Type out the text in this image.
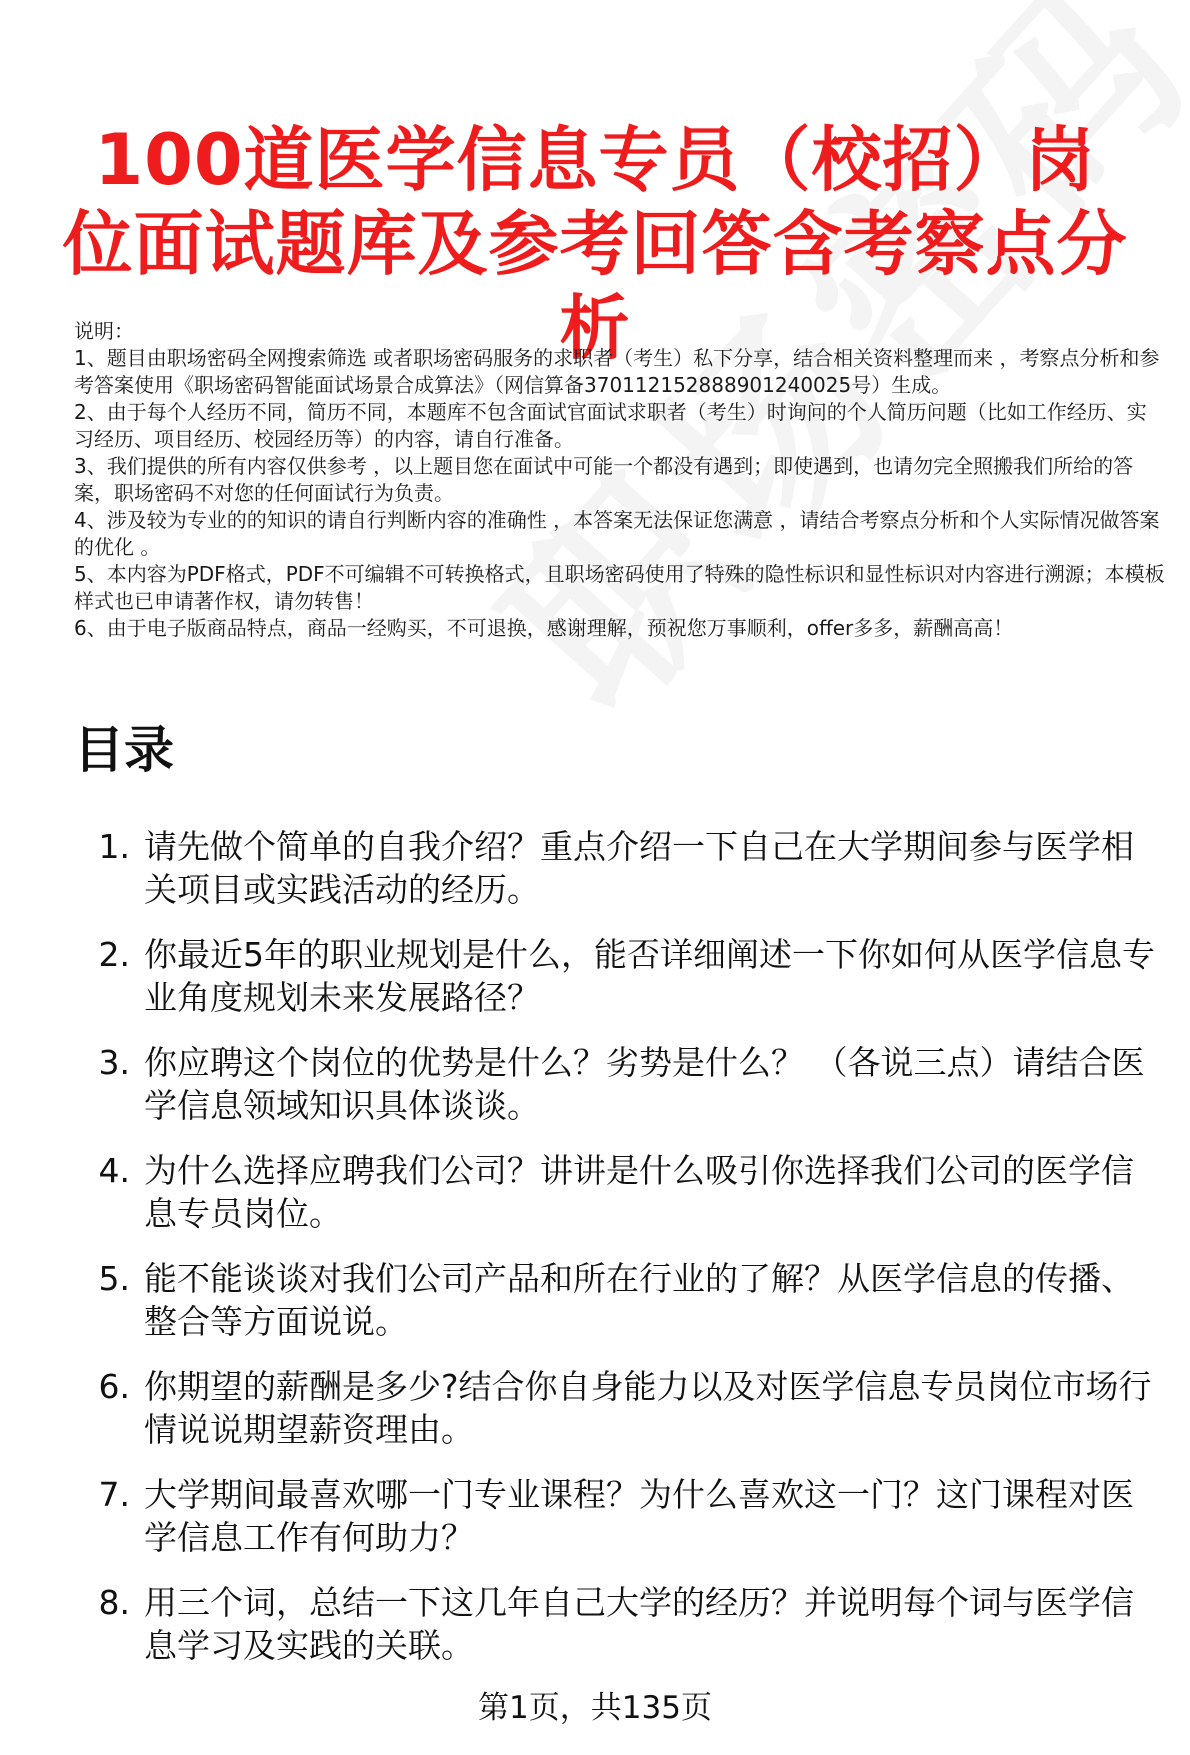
100道医学信息专员（校招）岗位面试题库及参考回答含考察点分析
说明：
1、题目由职场密码全网搜索筛选 或者职场密码服务的求职者（考生）私下分享，结合相关资料整理而来 ，考察点分析和参考答案使用《职场密码智能面试场景合成算法》（网信算备370112152888901240025号）生成。
2、由于每个人经历不同，简历不同，本题库不包含面试官面试求职者（考生）时询问的个人简历问题（比如工作经历、实习经历、项目经历、校园经历等）的内容，请自行准备。
3、我们提供的所有内容仅供参考 ，以上题目您在面试中可能一个都没有遇到；即使遇到，也请勿完全照搬我们所给的答案，职场密码不对您的任何面试行为负责。
4、涉及较为专业的的知识的请自行判断内容的准确性 ，本答案无法保证您满意 ，请结合考察点分析和个人实际情况做答案的优化 。
5、本内容为PDF格式，PDF不可编辑不可转换格式，且职场密码使用了特殊的隐性标识和显性标识对内容进行溯源；本模板样式也已申请著作权，请勿转售！
6、由于电子版商品特点，商品一经购买，不可退换，感谢理解，预祝您万事顺利，offer多多，薪酬高高！
目录
1. 请先做个简单的自我介绍？重点介绍一下自己在大学期间参与医学相关项目或实践活动的经历。
2. 你最近5年的职业规划是什么，能否详细阐述一下你如何从医学信息专业角度规划未来发展路径？
3. 你应聘这个岗位的优势是什么？劣势是什么？ （各说三点）请结合医学信息领域知识具体谈谈。
4. 为什么选择应聘我们公司？讲讲是什么吸引你选择我们公司的医学信息专员岗位。
5. 能不能谈谈对我们公司产品和所在行业的了解？从医学信息的传播、整合等方面说说。
6. 你期望的薪酬是多少?结合你自身能力以及对医学信息专员岗位市场行情说说期望薪资理由。
7. 大学期间最喜欢哪一门专业课程？为什么喜欢这一门？这门课程对医学信息工作有何助力？
8. 用三个词，总结一下这几年自己大学的经历？并说明每个词与医学信息学习及实践的关联。
第1页，共135页
